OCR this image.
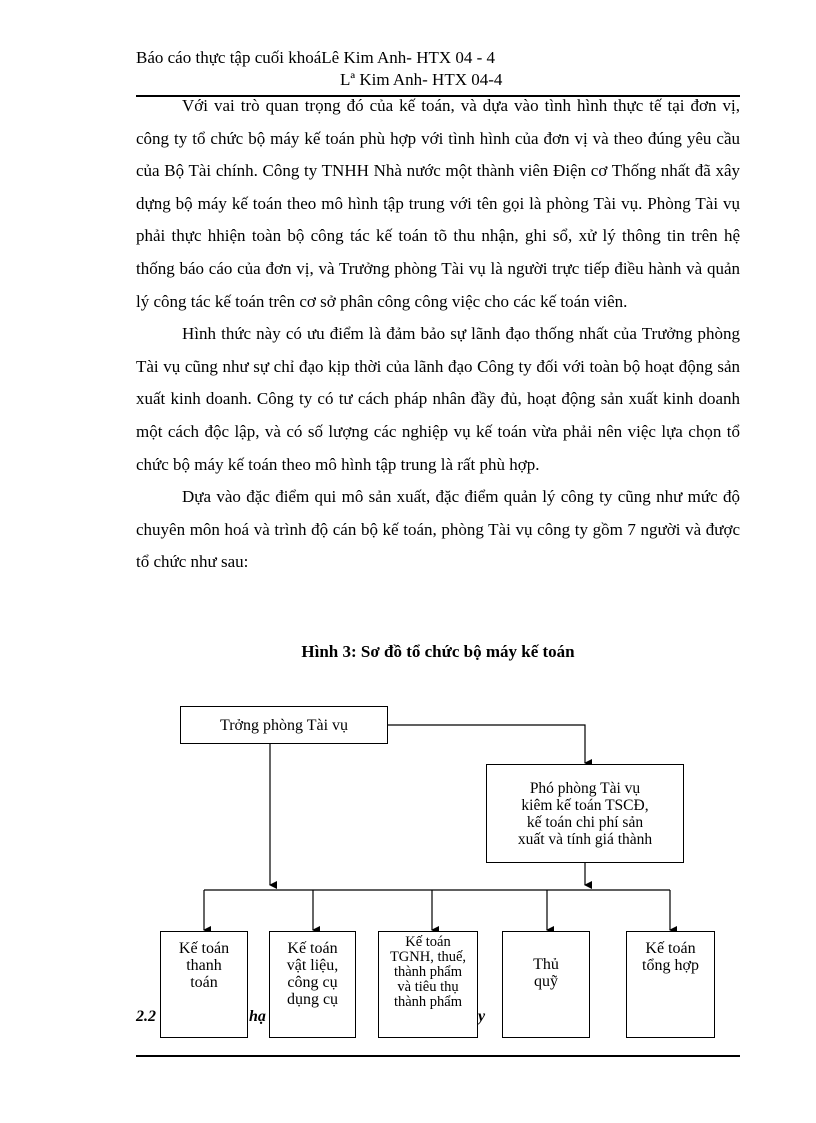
Báo cáo thực tập cuối khoáLê Kim Anh- HTX 04 - 4
Lª Kim Anh- HTX 04-4

Với vai trò quan trọng đó của kế toán, và dựa vào tình hình thực tế tại đơn vị, công ty tổ chức bộ máy kế toán phù hợp với tình hình của đơn vị và theo đúng yêu cầu của Bộ Tài chính. Công ty TNHH Nhà nước một thành viên Điện cơ Thống nhất đã xây dựng bộ máy kế toán theo mô hình tập trung với tên gọi là phòng Tài vụ. Phòng Tài vụ phải thực hhiện toàn bộ công tác kế toán tõ thu nhận, ghi sổ, xử lý thông tin trên hệ thống báo cáo của đơn vị, và Trưởng phòng Tài vụ là người trực tiếp điều hành và quản lý công tác kế toán trên cơ sở phân công công việc cho các kế toán viên.

Hình thức này có ưu điểm là đảm bảo sự lãnh đạo thống nhất của Trưởng phòng Tài vụ cũng như sự chỉ đạo kịp thời của lãnh đạo Công ty đối với toàn bộ hoạt động sản xuất kinh doanh. Công ty có tư cách pháp nhân đầy đủ, hoạt động sản xuất kinh doanh một cách độc lập, và có số lượng các nghiệp vụ kế toán vừa phải nên việc lựa chọn tổ chức bộ máy kế toán theo mô hình tập trung là rất phù hợp.

Dựa vào đặc điểm qui mô sản xuất, đặc điểm quản lý công ty cũng như mức độ chuyên môn hoá và trình độ cán bộ kế toán, phòng Tài vụ công ty gồm 7 người và được tổ chức như sau:

Hình 3: Sơ đồ tổ chức bộ máy kế toán
2.2	hạ	y
Trởng phòng Tài vụ
Phó phòng Tài vụ
kiêm kế toán TSCĐ,
kế toán chi phí sản
xuất và tính giá thành
Kế toán
thanh
toán
Kế toán
vật liệu,
công cụ
dụng cụ
Kế toán
TGNH, thuế,
thành phẩm
và tiêu thụ
thành phẩm
Thủ
quỹ
Kế toán
tổng hợp
